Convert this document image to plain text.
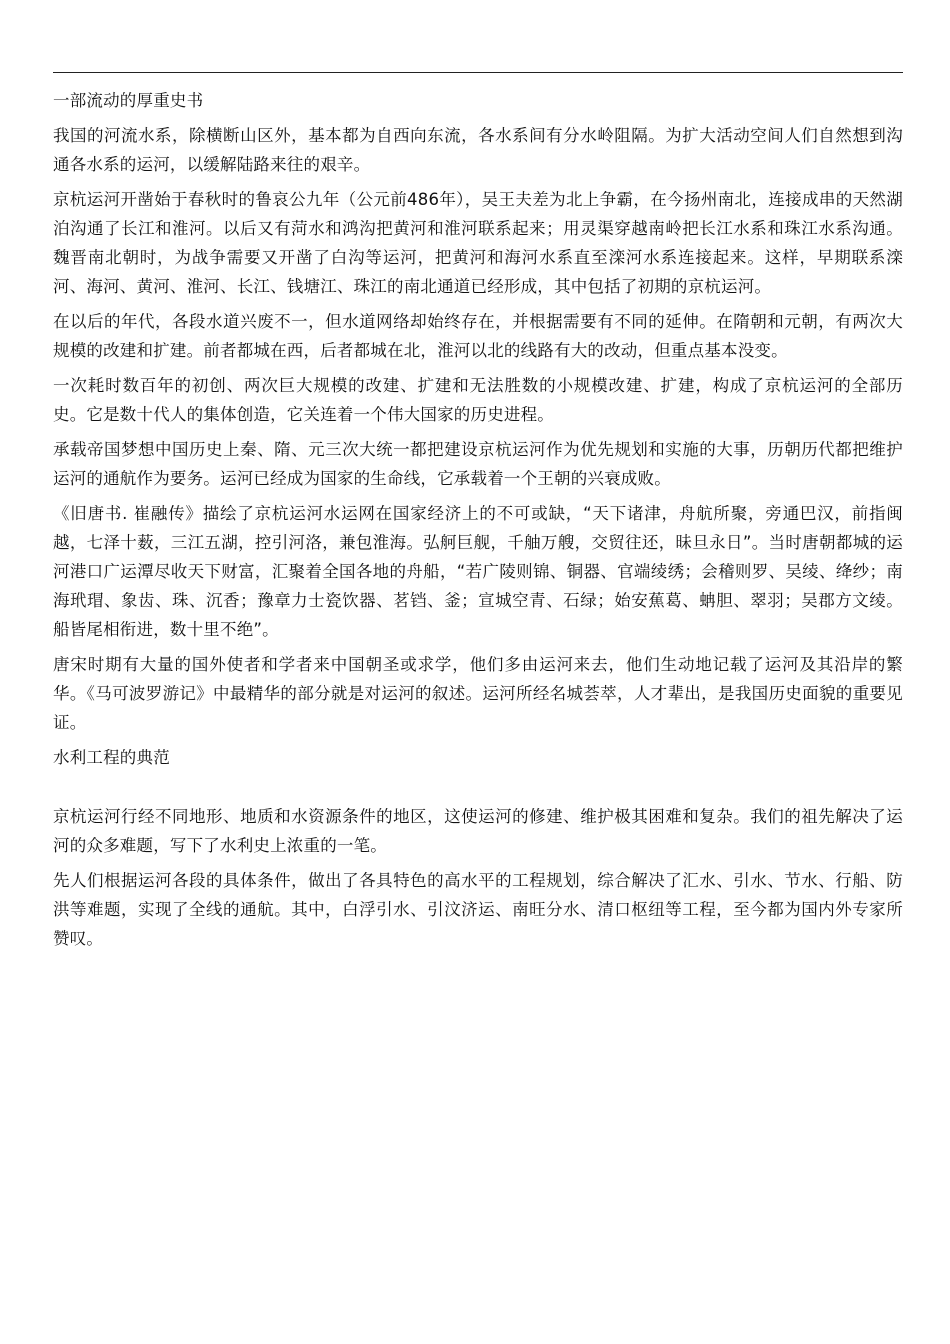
一部流动的厚重史书

我国的河流水系，除横断山区外，基本都为自西向东流，各水系间有分水岭阻隔。为扩大活动空间人们自然想到沟通各水系的运河，以缓解陆路来往的艰辛。

京杭运河开凿始于春秋时的鲁哀公九年（公元前486年），吴王夫差为北上争霸，在今扬州南北，连接成串的天然湖泊沟通了长江和淮河。以后又有菏水和鸿沟把黄河和淮河联系起来；用灵渠穿越南岭把长江水系和珠江水系沟通。魏晋南北朝时，为战争需要又开凿了白沟等运河，把黄河和海河水系直至滦河水系连接起来。这样，早期联系滦河、海河、黄河、淮河、长江、钱塘江、珠江的南北通道已经形成，其中包括了初期的京杭运河。

在以后的年代，各段水道兴废不一，但水道网络却始终存在，并根据需要有不同的延伸。在隋朝和元朝，有两次大规模的改建和扩建。前者都城在西，后者都城在北，淮河以北的线路有大的改动，但重点基本没变。

一次耗时数百年的初创、两次巨大规模的改建、扩建和无法胜数的小规模改建、扩建，构成了京杭运河的全部历史。它是数十代人的集体创造，它关连着一个伟大国家的历史进程。

承载帝国梦想中国历史上秦、隋、元三次大统一都把建设京杭运河作为优先规划和实施的大事，历朝历代都把维护运河的通航作为要务。运河已经成为国家的生命线，它承载着一个王朝的兴衰成败。

《旧唐书. 崔融传》描绘了京杭运河水运网在国家经济上的不可或缺，“天下诸津，舟航所聚，旁通巴汉，前指闽越，七泽十薮，三江五湖，控引河洛，兼包淮海。弘舸巨舰，千舳万艘，交贸往还，昧旦永日”。当时唐朝都城的运河港口广运潭尽收天下财富，汇聚着全国各地的舟船，“若广陵则锦、铜器、官端绫绣；会稽则罗、吴绫、绛纱；南海玳瑁、象齿、珠、沉香；豫章力士瓷饮器、茗铛、釜；宣城空青、石绿；始安蕉葛、蚺胆、翠羽；吴郡方文绫。船皆尾相衔进，数十里不绝”。

唐宋时期有大量的国外使者和学者来中国朝圣或求学，他们多由运河来去，他们生动地记载了运河及其沿岸的繁华。《马可波罗游记》中最精华的部分就是对运河的叙述。运河所经名城荟萃，人才辈出，是我国历史面貌的重要见证。

水利工程的典范

京杭运河行经不同地形、地质和水资源条件的地区，这使运河的修建、维护极其困难和复杂。我们的祖先解决了运河的众多难题，写下了水利史上浓重的一笔。

先人们根据运河各段的具体条件，做出了各具特色的高水平的工程规划，综合解决了汇水、引水、节水、行船、防洪等难题，实现了全线的通航。其中，白浮引水、引汶济运、南旺分水、清口枢纽等工程，至今都为国内外专家所赞叹。
